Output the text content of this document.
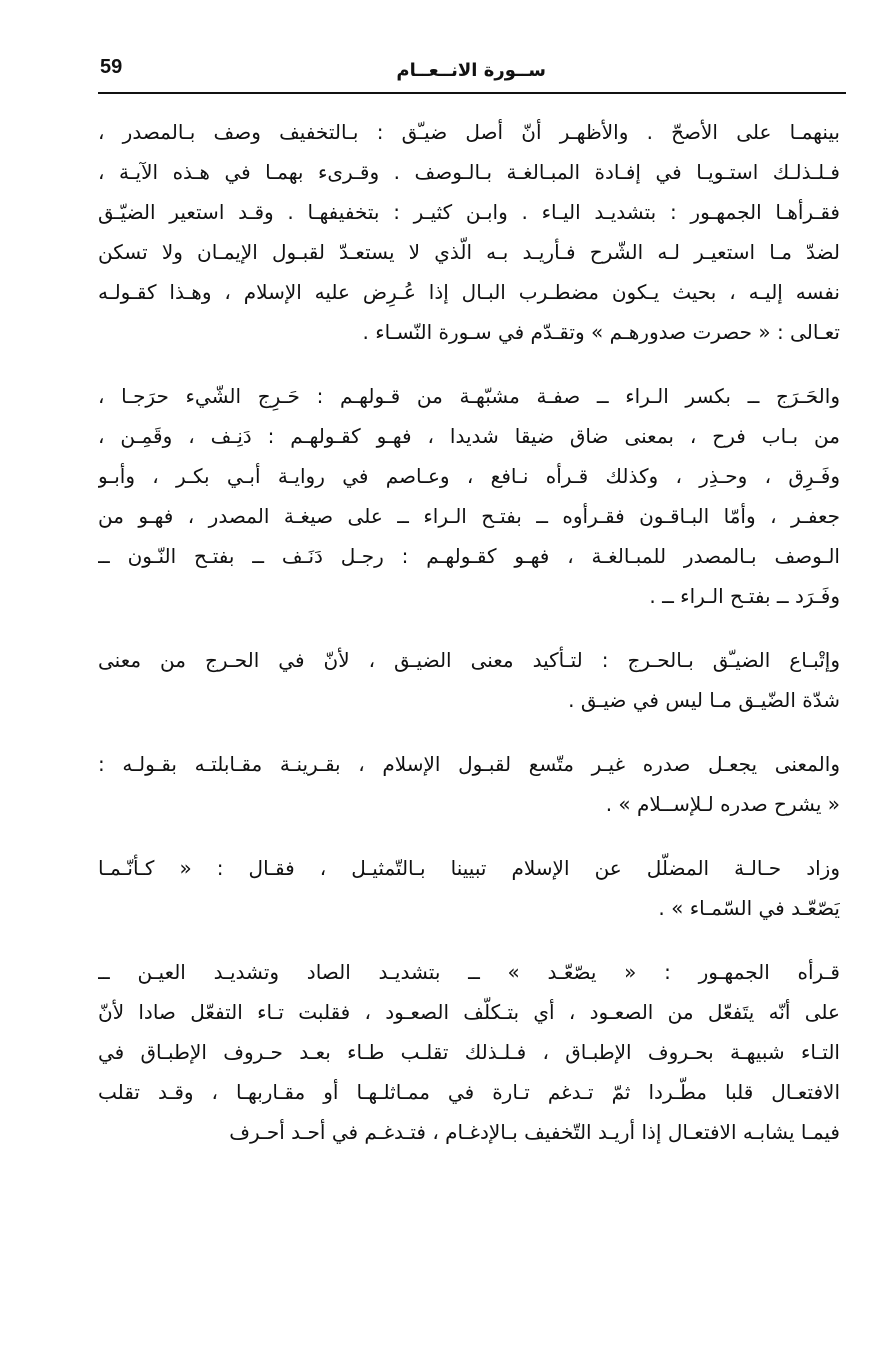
59	ســورة الانــعــام
بينهمـا على الأصحّ . والأظهـر أنّ أصل ضيـّق : بـالتخفيف وصف بـالمصدر ،
فـلـذلـك استـويـا في إفـادة المبـالغـة بـالـوصف . وقـرىء بهمـا في هـذه الآيـة ،
فقـرأهـا الجمهـور : بتشديـد اليـاء . وابـن كثيـر : بتخفيفهـا . وقـد استعير الضيّـق
لضدّ مـا استعيـر لـه الشّرح فـأريـد بـه الّذي لا يستعـدّ لقبـول الإيمـان ولا تسكن
نفسه إليـه ، بحيث يـكون مضطـرب البـال إذا عُـرِض عليه الإسلام ، وهـذا كقـولـه
تعـالى : « حصرت صدورهـم » وتقـدّم في سـورة النّسـاء .
والحَـرَج ــ بكسر الـراء ــ صفـة مشبّهـة من قـولهـم : حَـرِج الشّيء حرَجـا ،
من بـاب فرح ، بمعنى ضاق ضيقا شديدا ، فهـو كقـولهـم : دَنِـف ، وقَمِـن ،
وفَـرِق ، وحـذِر ، وكذلك قـرأه نـافع ، وعـاصم في روايـة أبـي بكـر ، وأبـو
جعفـر ، وأمّا البـاقـون فقـرأوه ــ بفتـح الـراء ــ على صيغـة المصدر ، فهـو من
الـوصف بـالمصدر للمبـالغـة ، فهـو كقـولهـم : رجـل دَنَـف ــ بفتـح النّـون ــ
وفَـرَد ــ بفتـح الـراء ــ .
وإتْبـاع الضيـّق بـالحـرج : لتـأكيد معنى الضيـق ، لأنّ في الحـرج من معنى
شدّة الضّيـق مـا ليس في ضيـق .
والمعنى يجعـل صدره غيـر متّسع لقبـول الإسلام ، بقـرينـة مقـابلتـه بقـولـه :
« يشرح صدره لـلإســلام » .
وزاد حـالـة المضلّل عن الإسلام تبيينا بـالتّمثيـل ، فقـال : « كـأنّـمـا
يَصّعّـد في السّمـاء » .
قـرأه الجمهـور : « يصّعّـد » ــ بتشديـد الصاد وتشديـد العيـن ــ
على أنّه يتَفعّل من الصعـود ، أي بتـكلّف الصعـود ، فقلبت تـاء التفعّل صادا لأنّ
التـاء شبيهـة بحـروف الإطبـاق ، فـلـذلك تقلـب طـاء بعـد حـروف الإطبـاق في
الافتعـال قلبا مطّـردا ثمّ تـدغم تـارة في ممـاثلـهـا أو مقـاربهـا ، وقـد تقلب
فيمـا يشابـه الافتعـال إذا أريـد التّخفيف بـالإدغـام ، فتـدغـم في أحـد أحـرف
